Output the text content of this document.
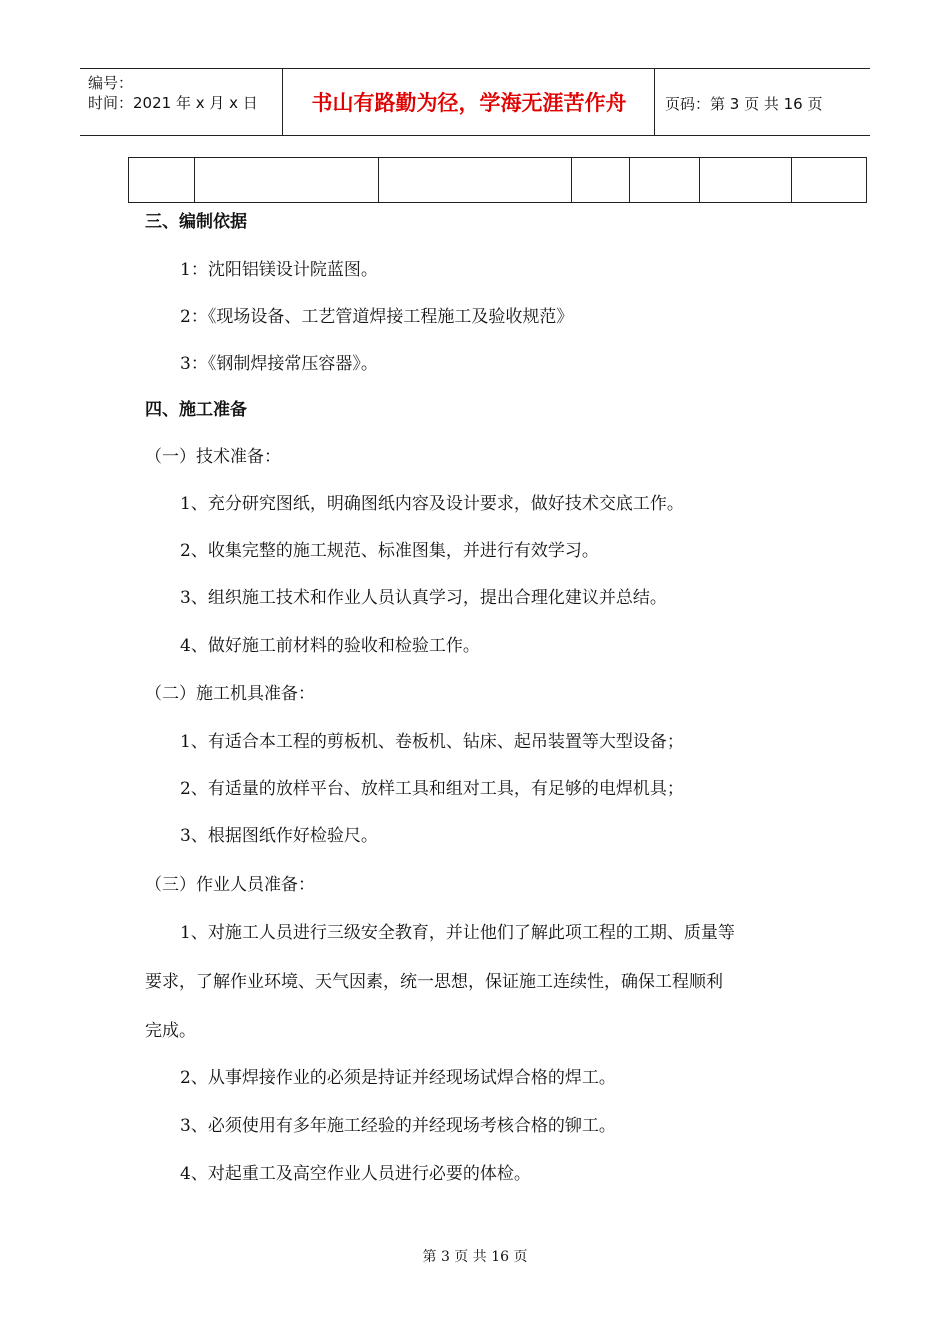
编号：
时间：2021 年 x 月 x 日	书山有路勤为径，学海无涯苦作舟	页码：第 3 页 共 16 页
三、编制依据
1：沈阳铝镁设计院蓝图。
2：《现场设备、工艺管道焊接工程施工及验收规范》
3：《钢制焊接常压容器》。
四、施工准备
（一）技术准备：
1、充分研究图纸，明确图纸内容及设计要求，做好技术交底工作。
2、收集完整的施工规范、标准图集，并进行有效学习。
3、组织施工技术和作业人员认真学习，提出合理化建议并总结。
4、做好施工前材料的验收和检验工作。
（二）施工机具准备：
1、有适合本工程的剪板机、卷板机、钻床、起吊装置等大型设备；
2、有适量的放样平台、放样工具和组对工具，有足够的电焊机具；
3、根据图纸作好检验尺。
（三）作业人员准备：
1、对施工人员进行三级安全教育，并让他们了解此项工程的工期、质量等
要求，了解作业环境、天气因素，统一思想，保证施工连续性，确保工程顺利
完成。
2、从事焊接作业的必须是持证并经现场试焊合格的焊工。
3、必须使用有多年施工经验的并经现场考核合格的铆工。
4、对起重工及高空作业人员进行必要的体检。
第 3 页 共 16 页
